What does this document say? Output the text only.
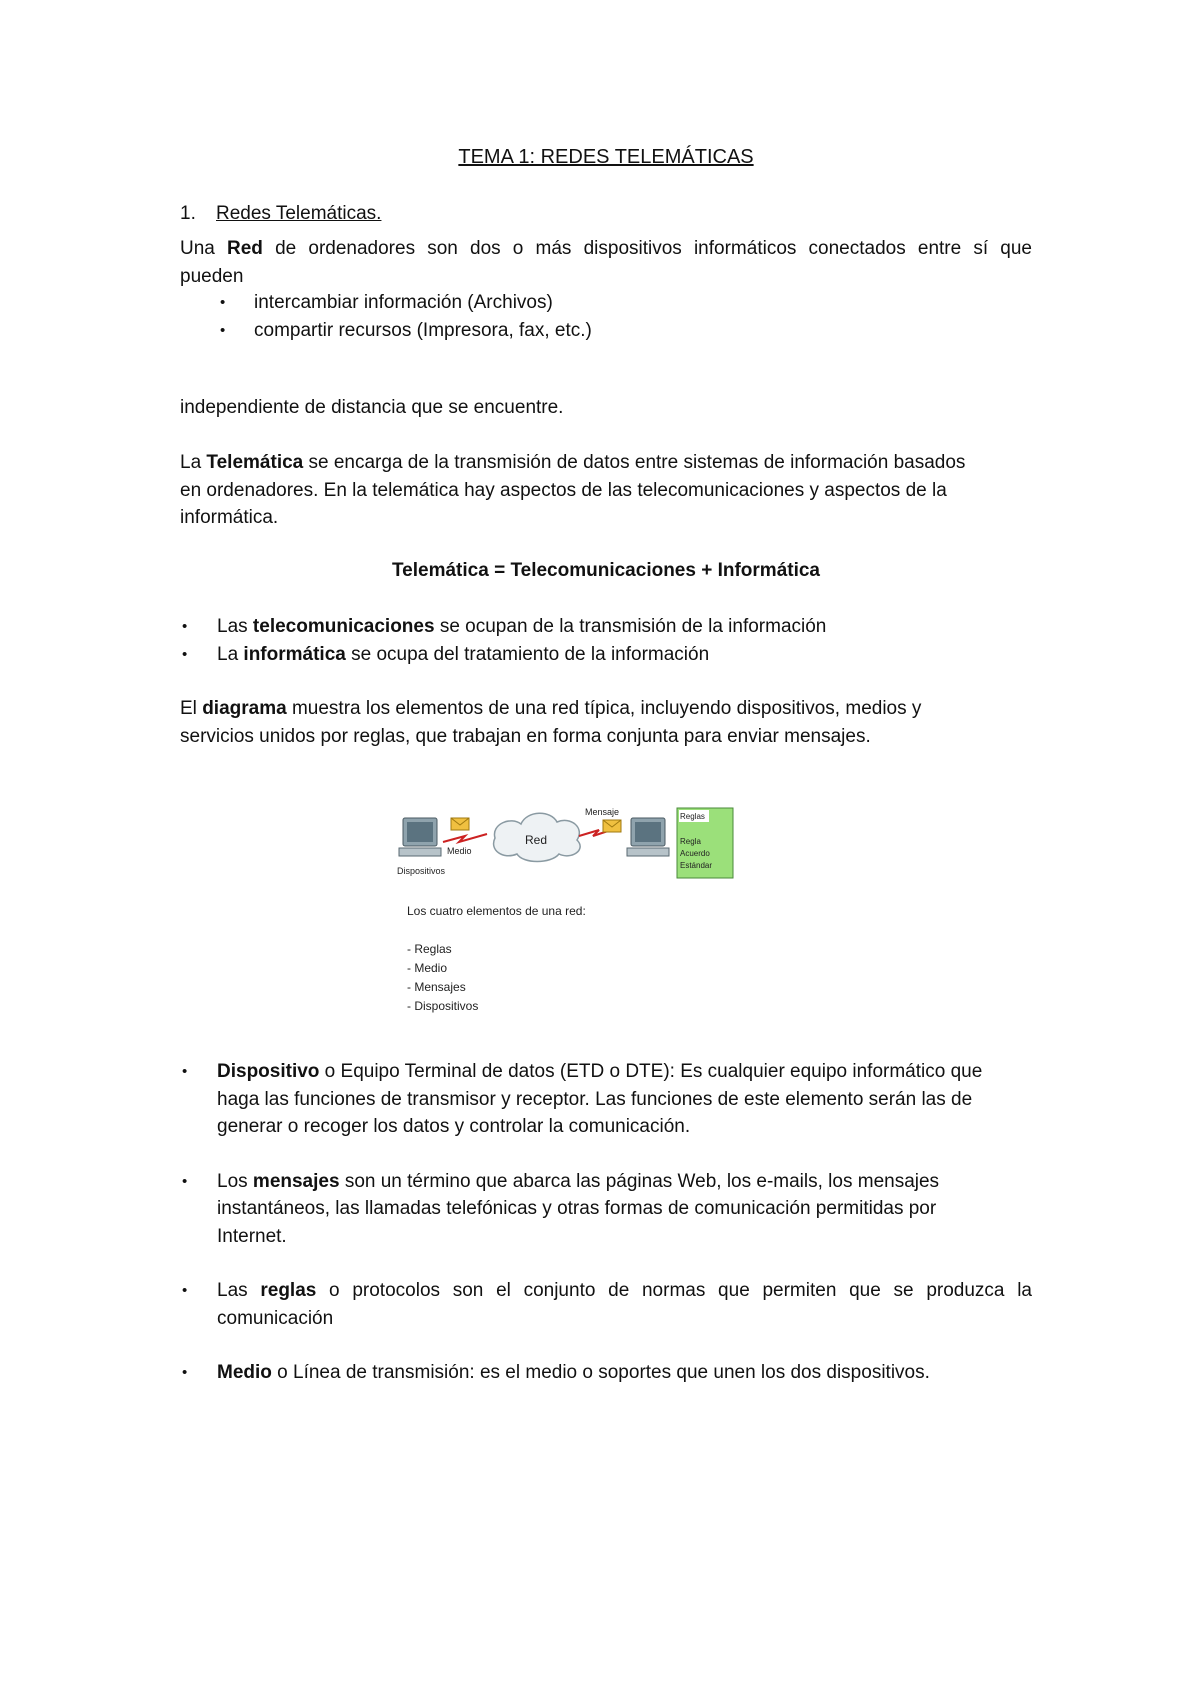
TEMA 1: REDES TELEMÁTICAS
1. Redes Telemáticas.
Una Red de ordenadores son dos o más dispositivos informáticos conectados entre sí que
pueden
• intercambiar información (Archivos)
• compartir recursos (Impresora, fax, etc.)
independiente de distancia que se encuentre.
La Telemática se encarga de la transmisión de datos entre sistemas de información basados
en ordenadores. En la telemática hay aspectos de las telecomunicaciones y aspectos de la
informática.
Telemática = Telecomunicaciones + Informática
• Las telecomunicaciones se ocupan de la transmisión de la información
• La informática se ocupa del tratamiento de la información
El diagrama muestra los elementos de una red típica, incluyendo dispositivos, medios y
servicios unidos por reglas, que trabajan en forma conjunta para enviar mensajes.
Red
Medio
Mensaje	Reglas
Regla
Acuerdo
Estándar
Dispositivos
Los cuatro elementos de una red:
- Reglas
- Medio
- Mensajes
- Dispositivos
• Dispositivo o Equipo Terminal de datos (ETD o DTE): Es cualquier equipo informático que
haga las funciones de transmisor y receptor. Las funciones de este elemento serán las de
generar o recoger los datos y controlar la comunicación.
• Los mensajes son un término que abarca las páginas Web, los e-mails, los mensajes
instantáneos, las llamadas telefónicas y otras formas de comunicación permitidas por
Internet.
• Las reglas o protocolos son el conjunto de normas que permiten que se produzca la
comunicación
• Medio o Línea de transmisión: es el medio o soportes que unen los dos dispositivos.
